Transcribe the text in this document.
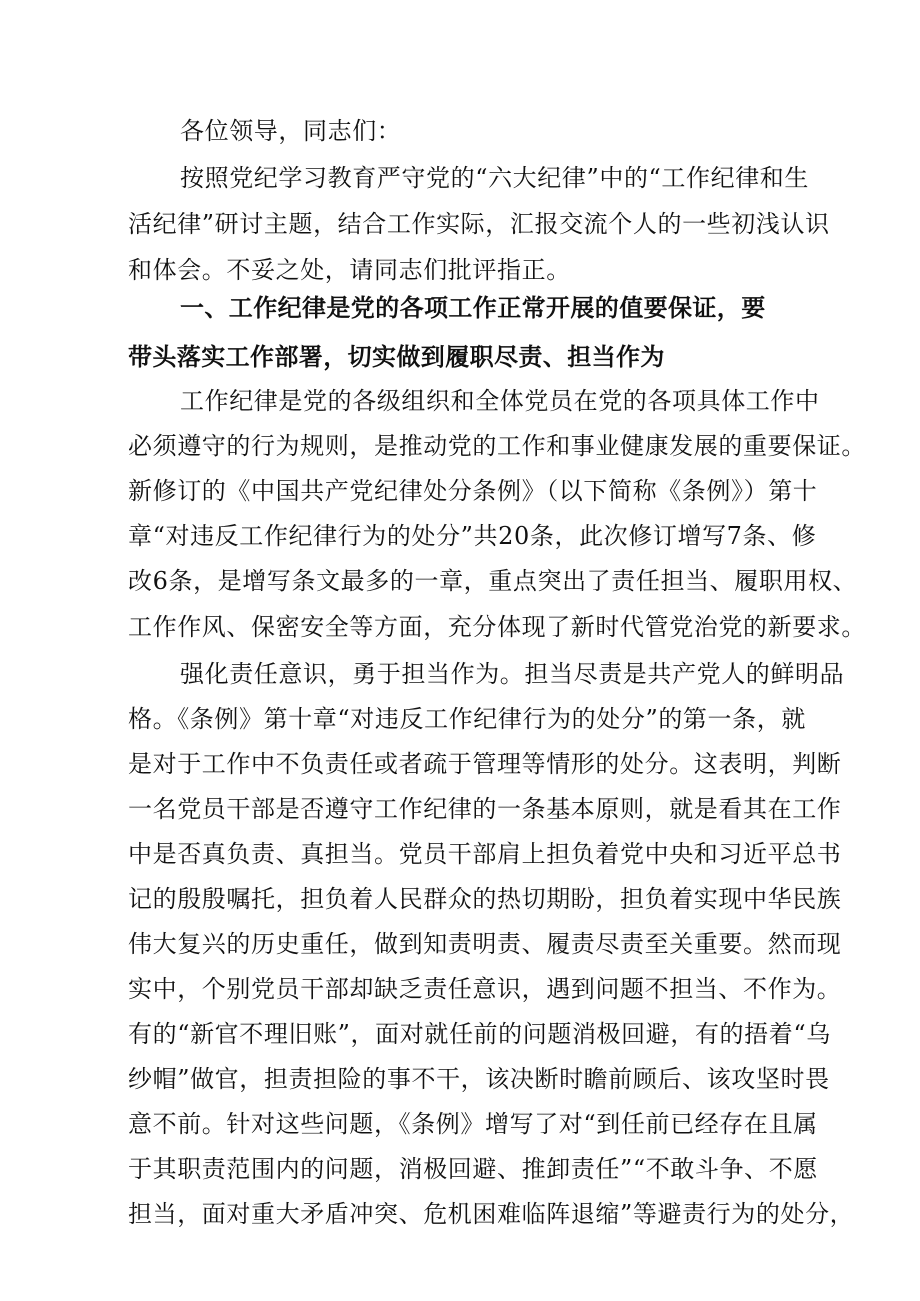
各位领导，同志们：
按照党纪学习教育严守党的“六大纪律”中的“工作纪律和生
活纪律”研讨主题，结合工作实际，汇报交流个人的一些初浅认识
和体会。不妥之处，请同志们批评指正。
一、工作纪律是党的各项工作正常开展的值要保证，要
带头落实工作部署，切实做到履职尽责、担当作为
工作纪律是党的各级组织和全体党员在党的各项具体工作中
必须遵守的行为规则，是推动党的工作和事业健康发展的重要保证。
新修订的《中国共产党纪律处分条例》（以下简称《条例》）第十
章“对违反工作纪律行为的处分”共20条，此次修订增写7条、修
改6条，是增写条文最多的一章，重点突出了责任担当、履职用权、
工作作风、保密安全等方面，充分体现了新时代管党治党的新要求。
强化责任意识，勇于担当作为。担当尽责是共产党人的鲜明品
格。《条例》第十章“对违反工作纪律行为的处分”的第一条，就
是对于工作中不负责任或者疏于管理等情形的处分。这表明，判断
一名党员干部是否遵守工作纪律的一条基本原则，就是看其在工作
中是否真负责、真担当。党员干部肩上担负着党中央和习近平总书
记的殷殷嘱托，担负着人民群众的热切期盼，担负着实现中华民族
伟大复兴的历史重任，做到知责明责、履责尽责至关重要。然而现
实中，个别党员干部却缺乏责任意识，遇到问题不担当、不作为。
有的“新官不理旧账”，面对就任前的问题消极回避，有的捂着“乌
纱帽”做官，担责担险的事不干，该决断时瞻前顾后、该攻坚时畏
意不前。针对这些问题，《条例》增写了对“到任前已经存在且属
于其职责范围内的问题，消极回避、推卸责任”“不敢斗争、不愿
担当，面对重大矛盾冲突、危机困难临阵退缩”等避责行为的处分，
